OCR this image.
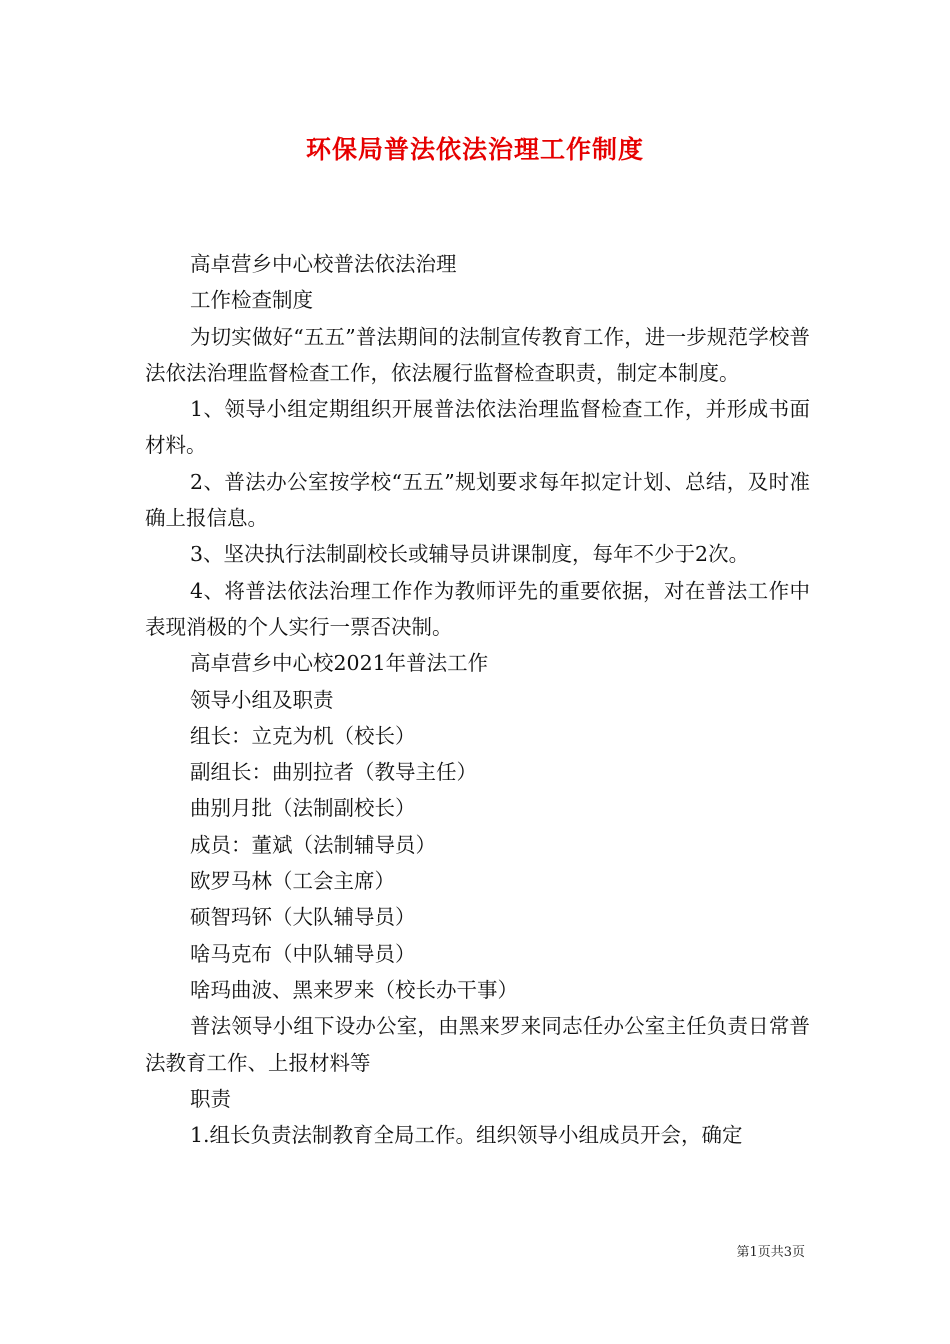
环保局普法依法治理工作制度

高卓营乡中心校普法依法治理

工作检查制度

为切实做好“五五”普法期间的法制宣传教育工作，进一步规范学校普法依法治理监督检查工作，依法履行监督检查职责，制定本制度。

1、领导小组定期组织开展普法依法治理监督检查工作，并形成书面材料。

2、普法办公室按学校“五五”规划要求每年拟定计划、总结，及时准确上报信息。

3、坚决执行法制副校长或辅导员讲课制度，每年不少于2次。

4、将普法依法治理工作作为教师评先的重要依据，对在普法工作中表现消极的个人实行一票否决制。

高卓营乡中心校2021年普法工作

领导小组及职责

组长：立克为机（校长）

副组长：曲别拉者（教导主任）

曲别月批（法制副校长）

成员：董斌（法制辅导员）

欧罗马林（工会主席）

硕智玛钚（大队辅导员）

啥马克布（中队辅导员）

啥玛曲波、黑来罗来（校长办干事）

普法领导小组下设办公室，由黑来罗来同志任办公室主任负责日常普法教育工作、上报材料等

职责

1.组长负责法制教育全局工作。组织领导小组成员开会，确定

第1页共3页
